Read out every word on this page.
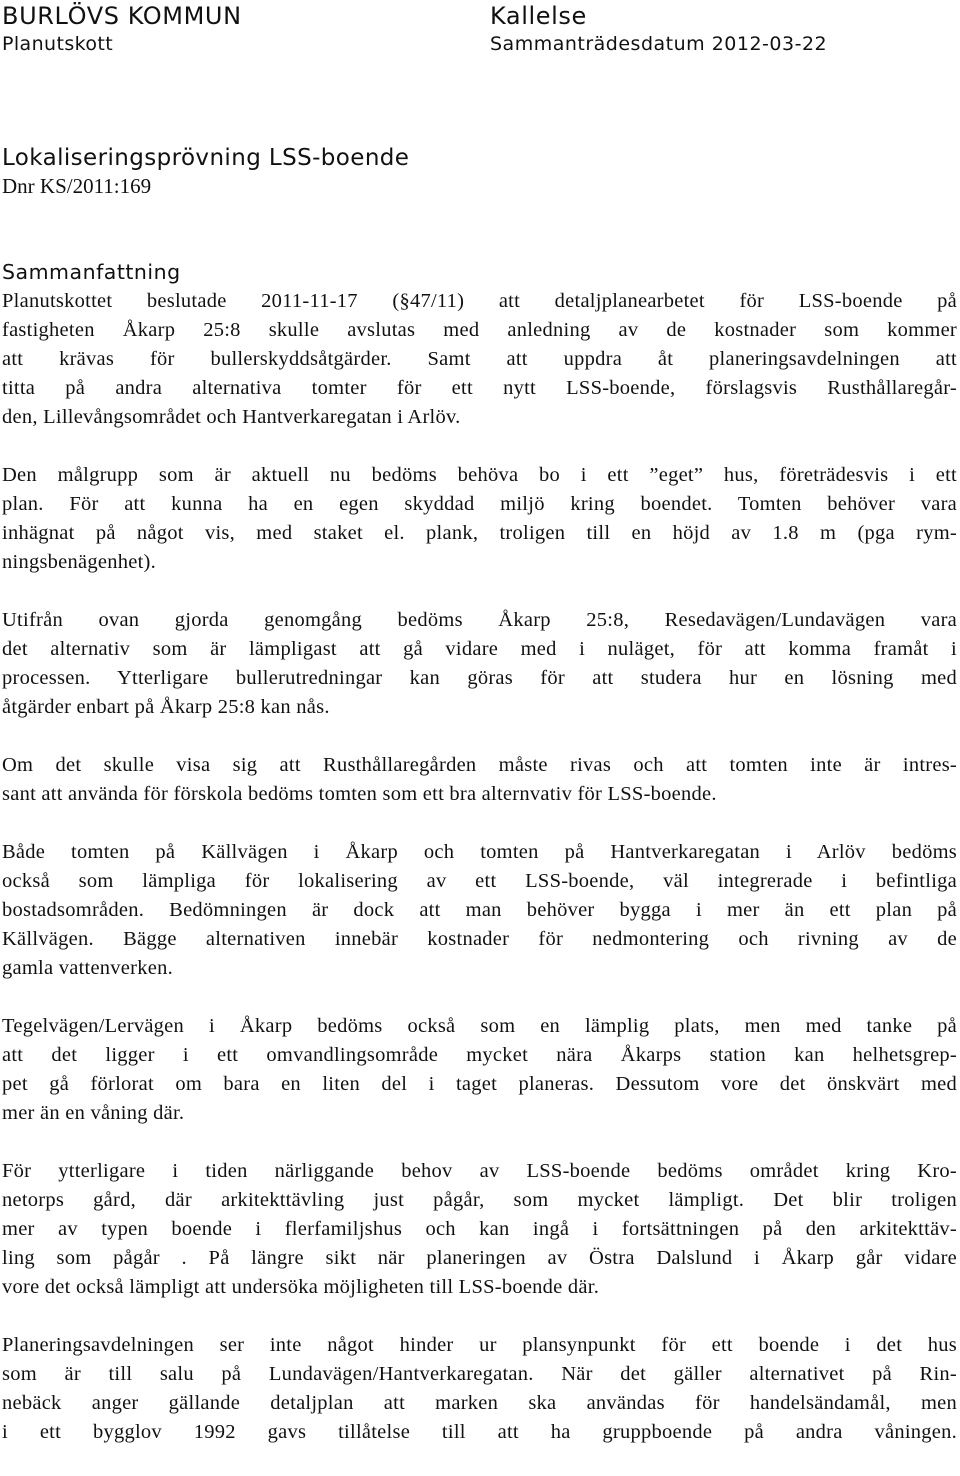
BURLÖVS KOMMUN
Planutskott
Kallelse
Sammanträdesdatum 2012-03-22
Lokaliseringsprövning LSS-boende
Dnr KS/2011:169
Sammanfattning
Planutskottet beslutade 2011-11-17 (§47/11) att detaljplanearbetet för LSS-boende på
fastigheten Åkarp 25:8 skulle avslutas med anledning av de kostnader som kommer
att krävas för bullerskyddsåtgärder. Samt att uppdra åt planeringsavdelningen att
titta på andra alternativa tomter för ett nytt LSS-boende, förslagsvis Rusthållaregår-
den, Lillevångsområdet och Hantverkaregatan i Arlöv.
Den målgrupp som är aktuell nu bedöms behöva bo i ett ”eget” hus, företrädesvis i ett
plan. För att kunna ha en egen skyddad miljö kring boendet. Tomten behöver vara
inhägnat på något vis, med staket el. plank, troligen till en höjd av 1.8 m (pga rym-
ningsbenägenhet).
Utifrån ovan gjorda genomgång bedöms Åkarp 25:8, Resedavägen/Lundavägen vara
det alternativ som är lämpligast att gå vidare med i nuläget, för att komma framåt i
processen. Ytterligare bullerutredningar kan göras för att studera hur en lösning med
åtgärder enbart på Åkarp 25:8 kan nås.
Om det skulle visa sig att Rusthållaregården måste rivas och att tomten inte är intres-
sant att använda för förskola bedöms tomten som ett bra alternvativ för LSS-boende.
Både tomten på Källvägen i Åkarp och tomten på Hantverkaregatan i Arlöv bedöms
också som lämpliga för lokalisering av ett LSS-boende, väl integrerade i befintliga
bostadsområden. Bedömningen är dock att man behöver bygga i mer än ett plan på
Källvägen. Bägge alternativen innebär kostnader för nedmontering och rivning av de
gamla vattenverken.
Tegelvägen/Lervägen i Åkarp bedöms också som en lämplig plats, men med tanke på
att det ligger i ett omvandlingsområde mycket nära Åkarps station kan helhetsgrep-
pet gå förlorat om bara en liten del i taget planeras. Dessutom vore det önskvärt med
mer än en våning där.
För ytterligare i tiden närliggande behov av LSS-boende bedöms området kring Kro-
netorps gård, där arkitekttävling just pågår, som mycket lämpligt. Det blir troligen
mer av typen boende i flerfamiljshus och kan ingå i fortsättningen på den arkitekttäv-
ling som pågår . På längre sikt när planeringen av Östra Dalslund i Åkarp går vidare
vore det också lämpligt att undersöka möjligheten till LSS-boende där.
Planeringsavdelningen ser inte något hinder ur plansynpunkt för ett boende i det hus
som är till salu på Lundavägen/Hantverkaregatan. När det gäller alternativet på Rin-
nebäck anger gällande detaljplan att marken ska användas för handelsändamål, men
i ett bygglov 1992 gavs tillåtelse till att ha gruppboende på andra våningen.
